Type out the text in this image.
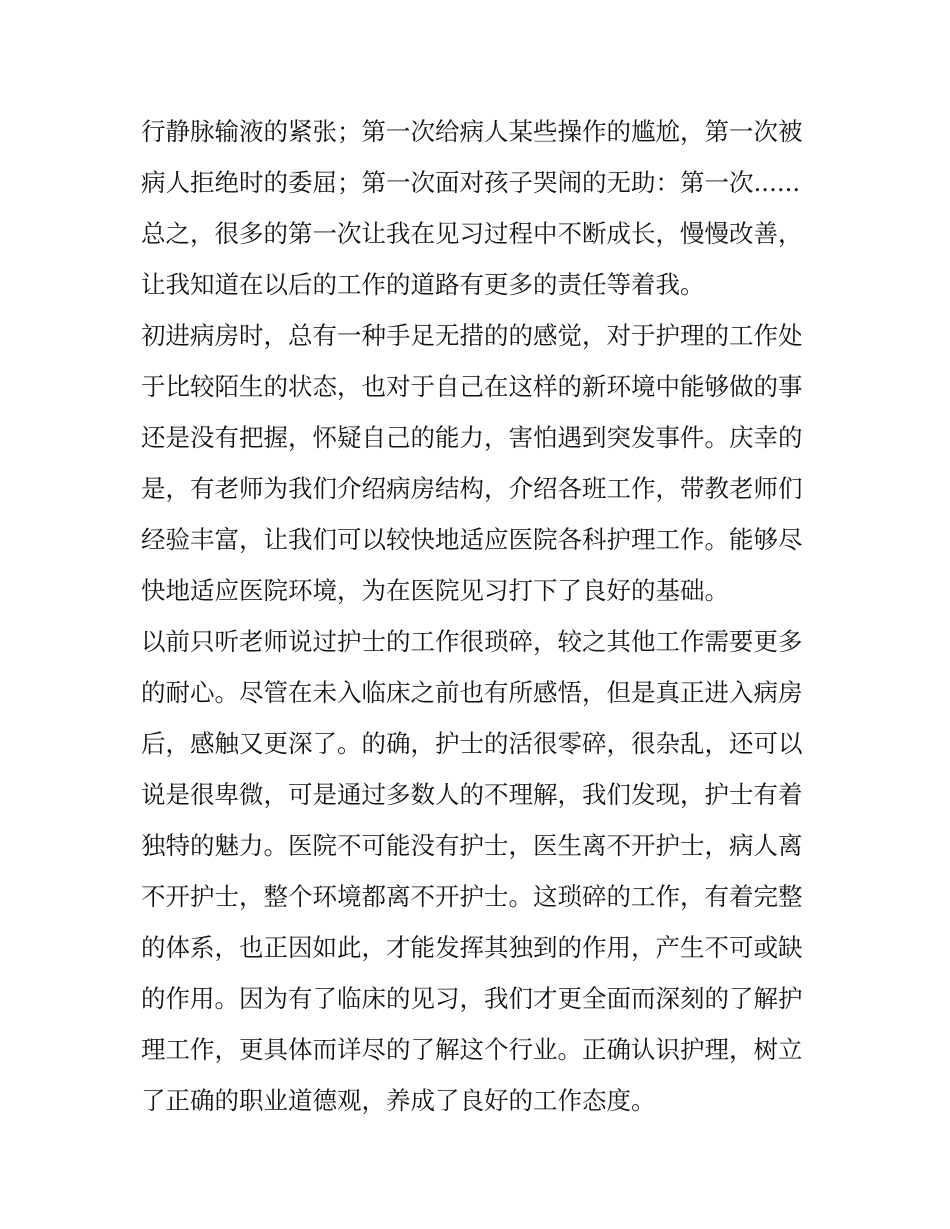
行静脉输液的紧张；第一次给病人某些操作的尴尬，第一次被
病人拒绝时的委屈；第一次面对孩子哭闹的无助：第一次......
总之，很多的第一次让我在见习过程中不断成长，慢慢改善，
让我知道在以后的工作的道路有更多的责任等着我。
初进病房时，总有一种手足无措的的感觉，对于护理的工作处
于比较陌生的状态，也对于自己在这样的新环境中能够做的事
还是没有把握，怀疑自己的能力，害怕遇到突发事件。庆幸的
是，有老师为我们介绍病房结构，介绍各班工作，带教老师们
经验丰富，让我们可以较快地适应医院各科护理工作。能够尽
快地适应医院环境，为在医院见习打下了良好的基础。
以前只听老师说过护士的工作很琐碎，较之其他工作需要更多
的耐心。尽管在未入临床之前也有所感悟，但是真正进入病房
后，感触又更深了。的确，护士的活很零碎，很杂乱，还可以
说是很卑微，可是通过多数人的不理解，我们发现，护士有着
独特的魅力。医院不可能没有护士，医生离不开护士，病人离
不开护士，整个环境都离不开护士。这琐碎的工作，有着完整
的体系，也正因如此，才能发挥其独到的作用，产生不可或缺
的作用。因为有了临床的见习，我们才更全面而深刻的了解护
理工作，更具体而详尽的了解这个行业。正确认识护理，树立
了正确的职业道德观，养成了良好的工作态度。
